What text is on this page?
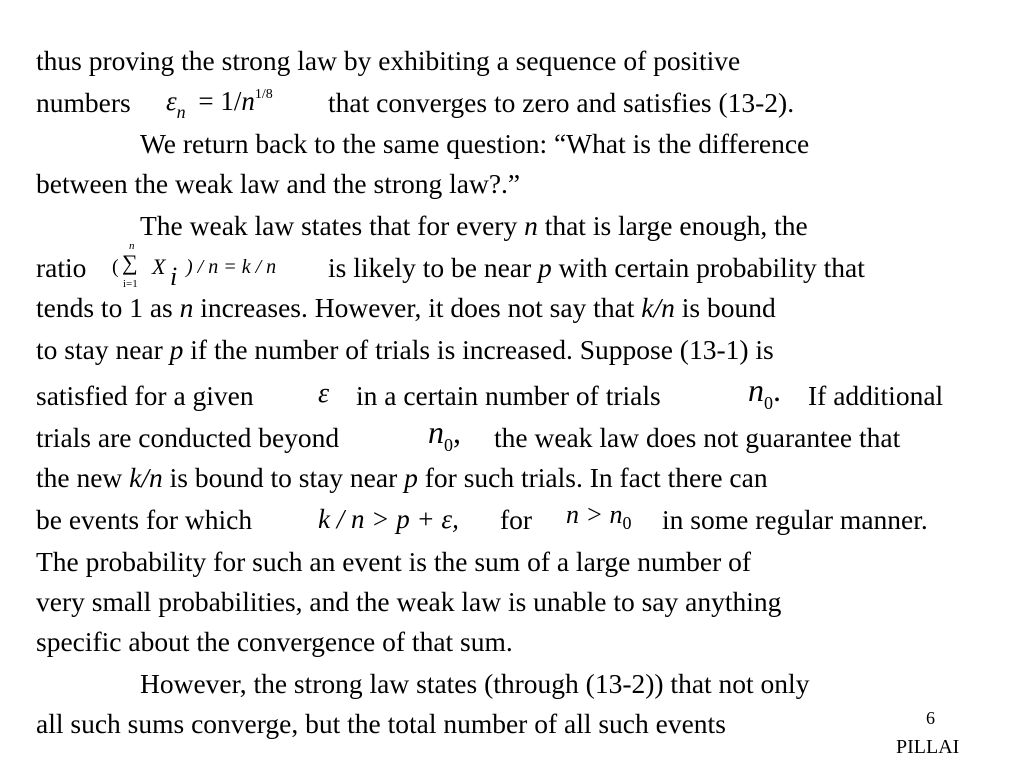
thus proving the strong law by exhibiting a sequence of positive
numbers $\varepsilon_n = 1/n^{1/8}$ that converges to zero and satisfies (13-2).
We return back to the same question: “What is the difference
between the weak law and the strong law?.”
The weak law states that for every n that is large enough, the
ratio (
n
∑
i=1
X i ) / n = k / n is likely to be near p with certain probability that
tends to 1 as n increases. However, it does not say that k/n is bound
to stay near p if the number of trials is increased. Suppose (13-1) is
satisfied for a given ε in a certain number of trials	$n_0$. If additional
trials are conducted beyond	$n_0$, the weak law does not guarantee that
the new k/n is bound to stay near p for such trials. In fact there can
be events for which k / n > p + ε, for $n > n_0$ in some regular manner.
The probability for such an event is the sum of a large number of
very small probabilities, and the weak law is unable to say anything
specific about the convergence of that sum.
However, the strong law states (through (13-2)) that not only
all such sums converge, but the total number of all such events	6
PILLAI
